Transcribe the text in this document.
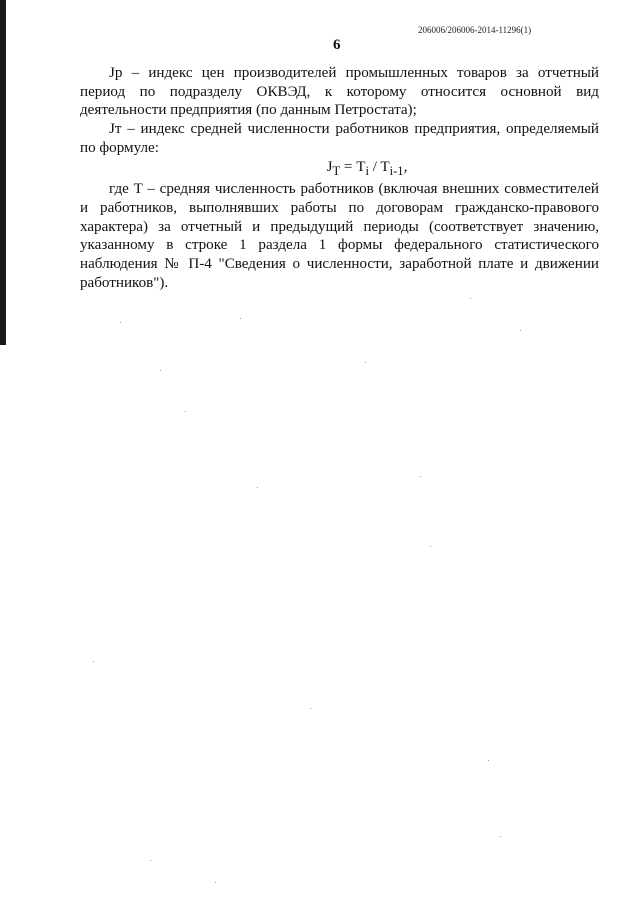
206006/206006-2014-11296(1)
6

Jр – индекс цен производителей промышленных товаров за отчетный период по подразделу ОКВЭД, к которому относится основной вид деятельности предприятия (по данным Петростата);

Jт – индекс средней численности работников предприятия, определяемый по формуле:

$J_Т = T_i / T_{i-1}$,

где T – средняя численность работников (включая внешних совместителей и работников, выполнявших работы по договорам гражданско-правового характера) за отчетный и предыдущий периоды (соответствует значению, указанному в строке 1 раздела 1 формы федерального статистического наблюдения № П-4 "Сведения о численности, заработной плате и движении работников").
